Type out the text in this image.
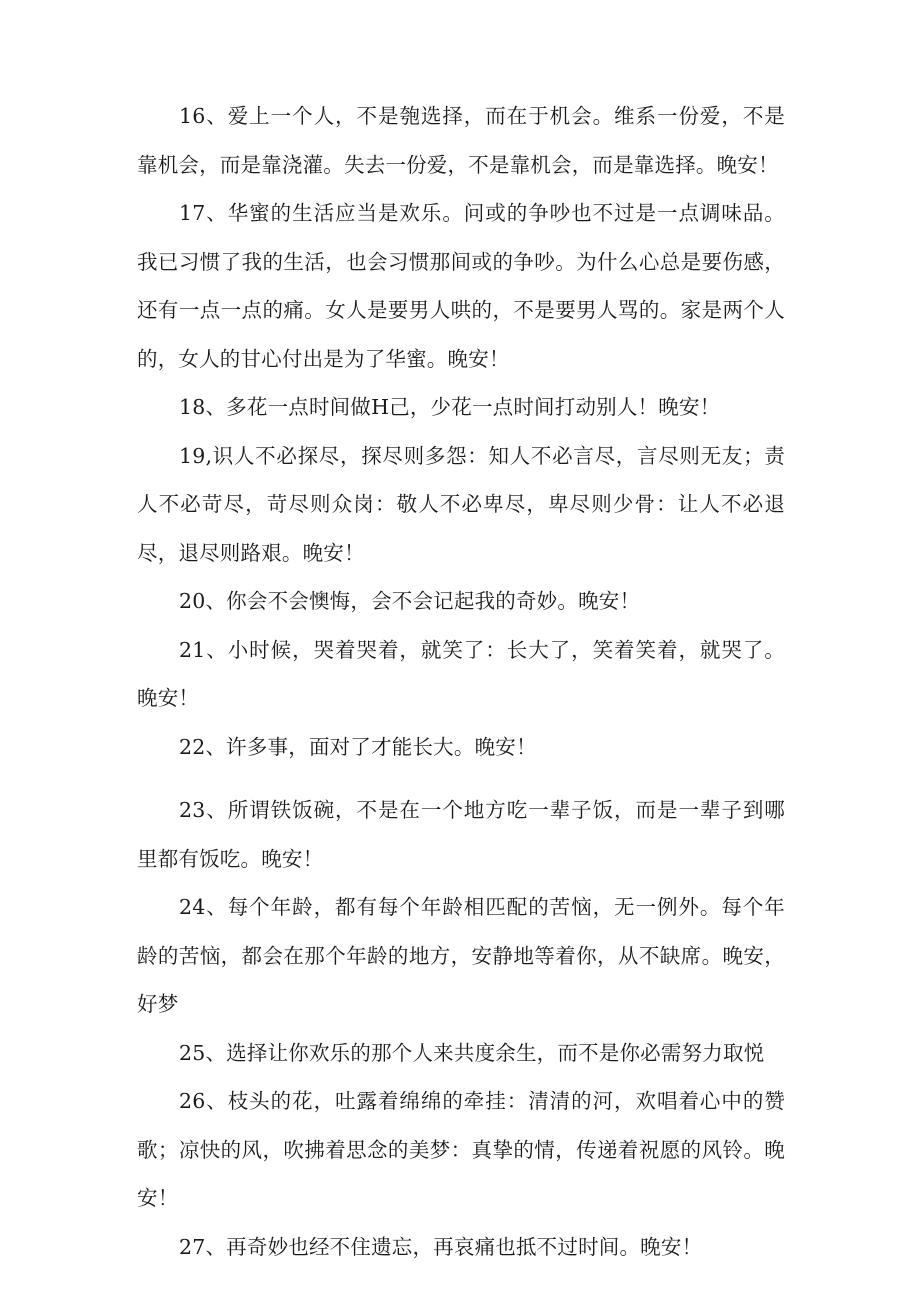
16、爱上一个人，不是匏选择，而在于机会。维系一份爱，不是靠机会，而是靠浇灌。失去一份爱，不是靠机会，而是靠选择。晚安！

17、华蜜的生活应当是欢乐。问或的争吵也不过是一点调味品。我已习惯了我的生活，也会习惯那间或的争吵。为什么心总是要伤感，还有一点一点的痛。女人是要男人哄的，不是要男人骂的。家是两个人的，女人的甘心付出是为了华蜜。晚安！

18、多花一点时间做H己，少花一点时间打动别人！晚安！

19,识人不必探尽，探尽则多怨：知人不必言尽，言尽则无友；责人不必苛尽，苛尽则众岗：敬人不必卑尽，卑尽则少骨：让人不必退尽，退尽则路艰。晚安！

20、你会不会懊悔，会不会记起我的奇妙。晚安！

21、小时候，哭着哭着，就笑了：长大了，笑着笑着，就哭了。晚安！

22、许多事，面对了才能长大。晚安！

23、所谓铁饭碗，不是在一个地方吃一辈子饭，而是一辈子到哪里都有饭吃。晚安！

24、每个年龄，都有每个年龄相匹配的苦恼，无一例外。每个年龄的苦恼，都会在那个年龄的地方，安静地等着你，从不缺席。晚安，好梦

25、选择让你欢乐的那个人来共度余生，而不是你必需努力取悦

26、枝头的花，吐露着绵绵的牵挂：清清的河，欢唱着心中的赞歌；凉快的风，吹拂着思念的美梦：真挚的情，传递着祝愿的风铃。晚安！

27、再奇妙也经不住遗忘，再哀痛也抵不过时间。晚安！
